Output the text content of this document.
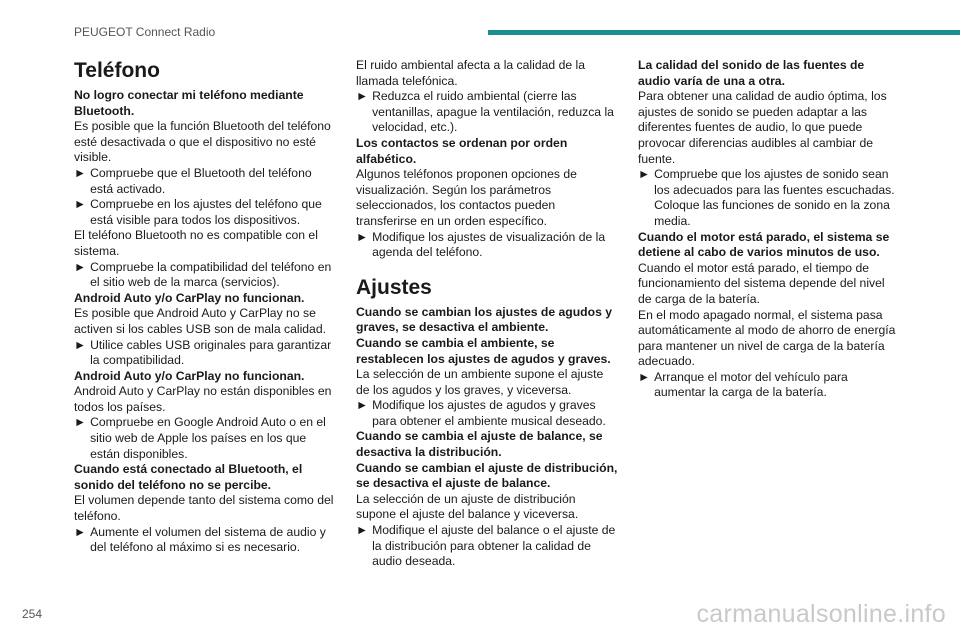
PEUGEOT Connect Radio
Teléfono

No logro conectar mi teléfono mediante Bluetooth.

Es posible que la función Bluetooth del teléfono esté desactivada o que el dispositivo no esté visible.

► Compruebe que el Bluetooth del teléfono está activado.

► Compruebe en los ajustes del teléfono que está visible para todos los dispositivos.

El teléfono Bluetooth no es compatible con el sistema.

► Compruebe la compatibilidad del teléfono en el sitio web de la marca (servicios).

Android Auto y/o CarPlay no funcionan.

Es posible que Android Auto y CarPlay no se activen si los cables USB son de mala calidad.

► Utilice cables USB originales para garantizar la compatibilidad.

Android Auto y/o CarPlay no funcionan.

Android Auto y CarPlay no están disponibles en todos los países.

► Compruebe en Google Android Auto o en el sitio web de Apple los países en los que están disponibles.

Cuando está conectado al Bluetooth, el sonido del teléfono no se percibe.

El volumen depende tanto del sistema como del teléfono.

► Aumente el volumen del sistema de audio y del teléfono al máximo si es necesario.

El ruido ambiental afecta a la calidad de la llamada telefónica.

► Reduzca el ruido ambiental (cierre las ventanillas, apague la ventilación, reduzca la velocidad, etc.).

Los contactos se ordenan por orden alfabético.

Algunos teléfonos proponen opciones de visualización. Según los parámetros seleccionados, los contactos pueden transferirse en un orden específico.

► Modifique los ajustes de visualización de la agenda del teléfono.

Ajustes

Cuando se cambian los ajustes de agudos y graves, se desactiva el ambiente.

Cuando se cambia el ambiente, se restablecen los ajustes de agudos y graves.

La selección de un ambiente supone el ajuste de los agudos y los graves, y viceversa.

► Modifique los ajustes de agudos y graves para obtener el ambiente musical deseado.

Cuando se cambia el ajuste de balance, se desactiva la distribución.

Cuando se cambian el ajuste de distribución, se desactiva el ajuste de balance.

La selección de un ajuste de distribución supone el ajuste del balance y viceversa.

► Modifique el ajuste del balance o el ajuste de la distribución para obtener la calidad de audio deseada.

La calidad del sonido de las fuentes de audio varía de una a otra.

Para obtener una calidad de audio óptima, los ajustes de sonido se pueden adaptar a las diferentes fuentes de audio, lo que puede provocar diferencias audibles al cambiar de fuente.

► Compruebe que los ajustes de sonido sean los adecuados para las fuentes escuchadas. Coloque las funciones de sonido en la zona media.

Cuando el motor está parado, el sistema se detiene al cabo de varios minutos de uso.

Cuando el motor está parado, el tiempo de funcionamiento del sistema depende del nivel de carga de la batería.

En el modo apagado normal, el sistema pasa automáticamente al modo de ahorro de energía para mantener un nivel de carga de la batería adecuado.

► Arranque el motor del vehículo para aumentar la carga de la batería.

254	carmanualsonline.info
